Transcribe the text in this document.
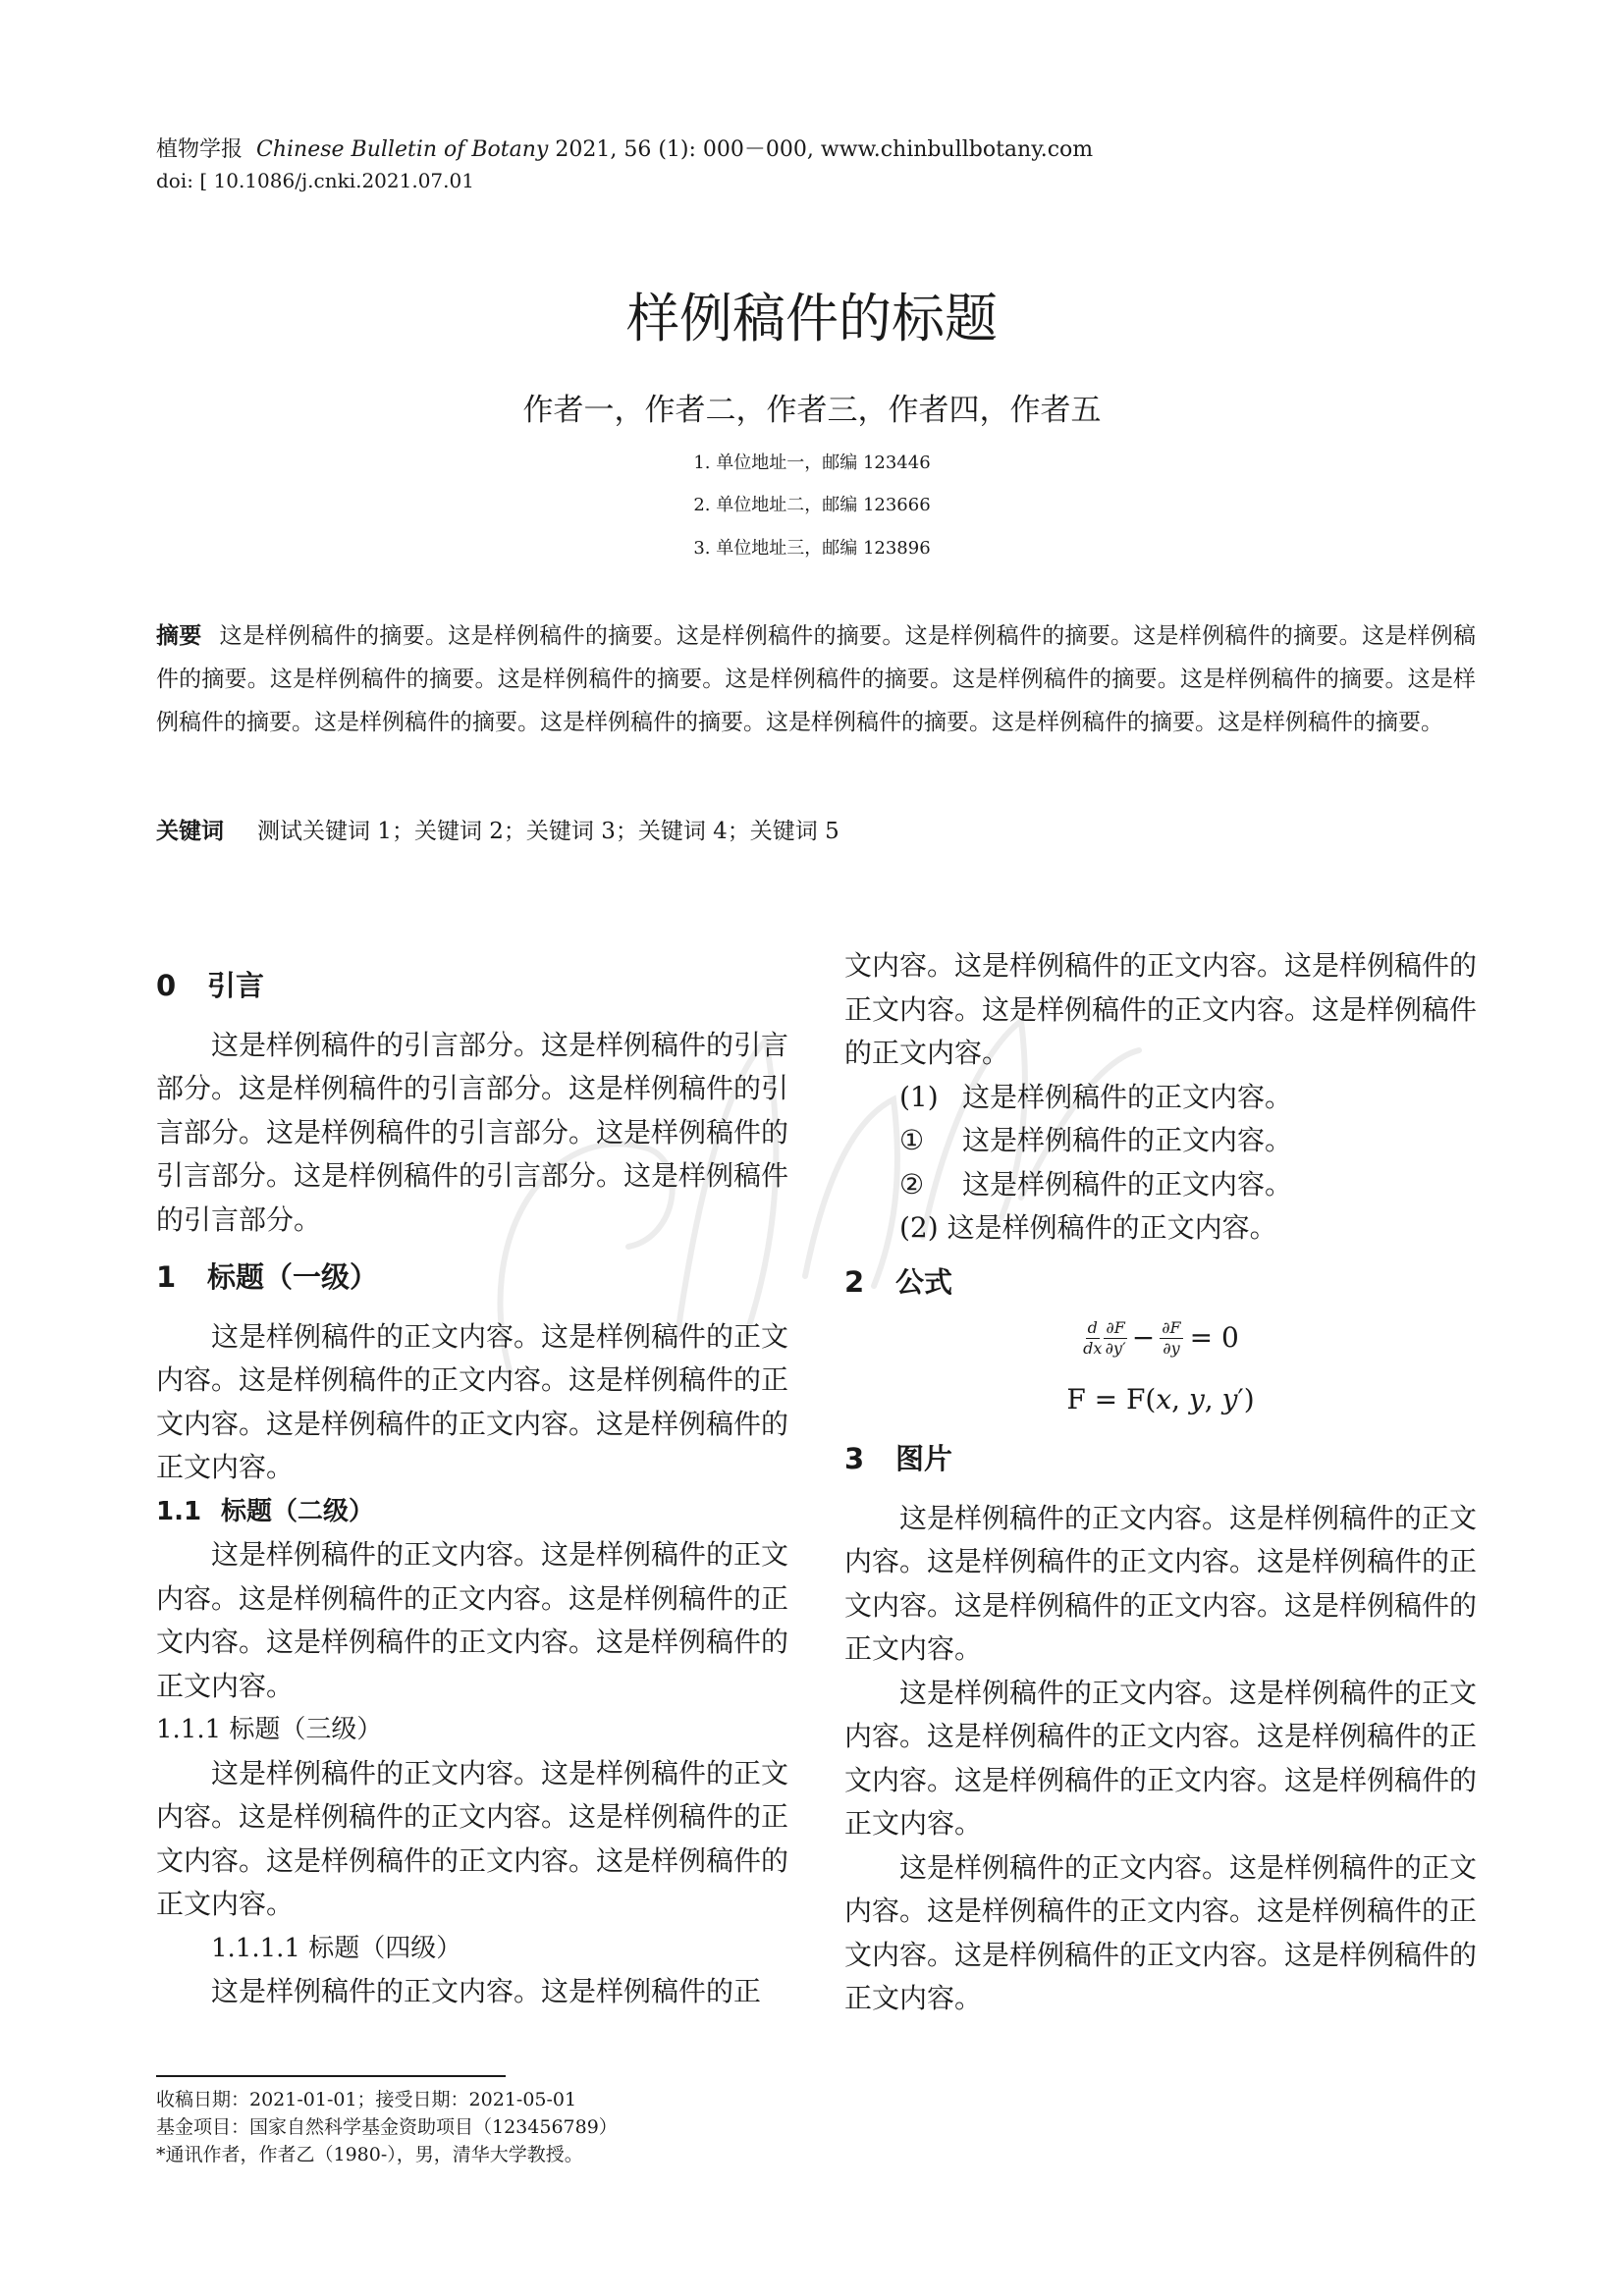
植物学报 Chinese Bulletin of Botany 2021, 56 (1): 000－000, www.chinbullbotany.com
doi: [ 10.1086/j.cnki.2021.07.01
样例稿件的标题
作者一，作者二，作者三，作者四，作者五
1. 单位地址一，邮编 123446
2. 单位地址二，邮编 123666
3. 单位地址三，邮编 123896
摘要 这是样例稿件的摘要。这是样例稿件的摘要。这是样例稿件的摘要。这是样例稿件的摘要。这是样例稿件的摘要。这是样例稿件的摘要。这是样例稿件的摘要。这是样例稿件的摘要。这是样例稿件的摘要。这是样例稿件的摘要。这是样例稿件的摘要。这是样例稿件的摘要。这是样例稿件的摘要。这是样例稿件的摘要。这是样例稿件的摘要。这是样例稿件的摘要。这是样例稿件的摘要。
关键词 测试关键词 1；关键词 2；关键词 3；关键词 4；关键词 5

0 引言

这是样例稿件的引言部分。这是样例稿件的引言部分。这是样例稿件的引言部分。这是样例稿件的引言部分。这是样例稿件的引言部分。这是样例稿件的引言部分。这是样例稿件的引言部分。这是样例稿件的引言部分。

1 标题（一级）

这是样例稿件的正文内容。这是样例稿件的正文内容。这是样例稿件的正文内容。这是样例稿件的正文内容。这是样例稿件的正文内容。这是样例稿件的正文内容。

1.1 标题（二级）

这是样例稿件的正文内容。这是样例稿件的正文内容。这是样例稿件的正文内容。这是样例稿件的正文内容。这是样例稿件的正文内容。这是样例稿件的正文内容。

1.1.1 标题（三级）

这是样例稿件的正文内容。这是样例稿件的正文内容。这是样例稿件的正文内容。这是样例稿件的正文内容。这是样例稿件的正文内容。这是样例稿件的正文内容。

1.1.1.1 标题（四级）

这是样例稿件的正文内容。这是样例稿件的正

文内容。这是样例稿件的正文内容。这是样例稿件的正文内容。这是样例稿件的正文内容。这是样例稿件的正文内容。

(1) 这是样例稿件的正文内容。

① 这是样例稿件的正文内容。

② 这是样例稿件的正文内容。

(2) 这是样例稿件的正文内容。

2 公式

$\frac{d}{dx} \frac{\partial F}{\partial y'} - \frac{\partial F}{\partial y} = 0$
F = F(𝑥, 𝑦, 𝑦′)

3 图片

这是样例稿件的正文内容。这是样例稿件的正文内容。这是样例稿件的正文内容。这是样例稿件的正文内容。这是样例稿件的正文内容。这是样例稿件的正文内容。

这是样例稿件的正文内容。这是样例稿件的正文内容。这是样例稿件的正文内容。这是样例稿件的正文内容。这是样例稿件的正文内容。这是样例稿件的正文内容。

这是样例稿件的正文内容。这是样例稿件的正文内容。这是样例稿件的正文内容。这是样例稿件的正文内容。这是样例稿件的正文内容。这是样例稿件的正文内容。

收稿日期：2021-01-01；接受日期：2021-05-01
基金项目：国家自然科学基金资助项目（123456789）
*通讯作者，作者乙（1980-），男，清华大学教授。
